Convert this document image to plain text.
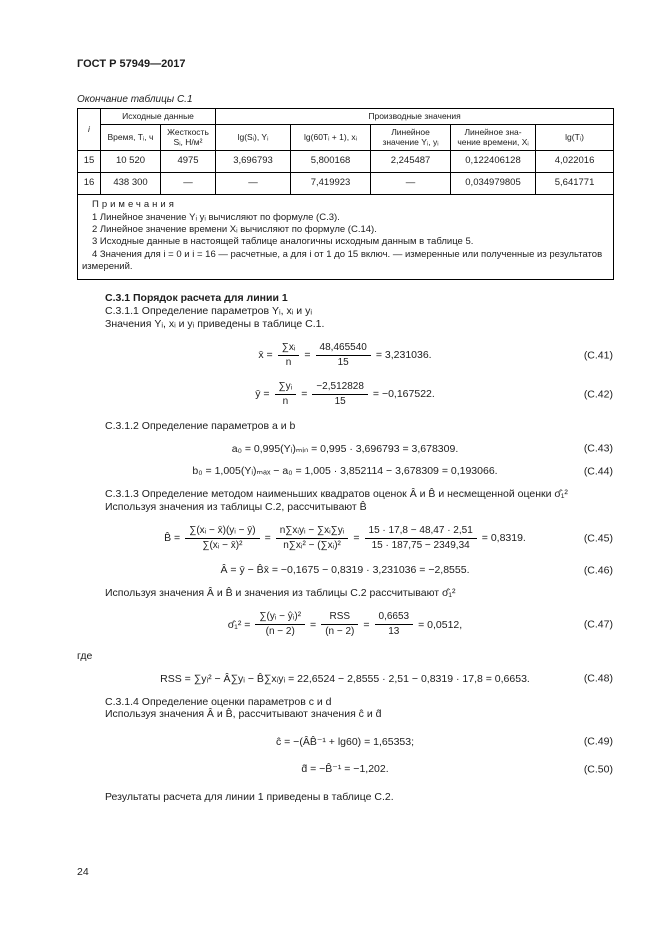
ГОСТ Р 57949—2017
Окончание таблицы С.1
i	Исходные данные		Производные значения				
	Время, Tᵢ, ч	Жесткость Sᵢ, Н/м²	lg(Sᵢ), Yᵢ	lg(60Tᵢ + 1), xᵢ	Линейное значение Yᵢ, yᵢ	Линейное зна-чение времени, Xᵢ	lg(Tᵢ)
15	10 520	4975	3,696793	5,800168	2,245487	0,122406128	4,022016
16	438 300	—	—	7,419923	—	0,034979805	5,641771

Примечания
1 Линейное значение Yᵢ yᵢ вычисляют по формуле (С.3).
2 Линейное значение времени Xᵢ вычисляют по формуле (С.14).
3 Исходные данные в настоящей таблице аналогичны исходным данным в таблице 5.
4 Значения для i = 0 и i = 16 — расчетные, а для i от 1 до 15 включ. — измеренные или полученные из результатов измерений.							
С.3.1 Порядок расчета для линии 1
С.3.1.1 Определение параметров Yᵢ, xᵢ и yᵢ
Значения Yᵢ, xᵢ и yᵢ приведены в таблице С.1.
x̄ = $\frac{\text{∑xᵢ}}{n} = \frac{48,465540}{15} = 3,231036$.	(С.41)
ȳ = $\frac{\text{∑yᵢ}}{n} = \frac{-2,512828}{15} = -0,167522$.	(С.42)
С.3.1.2 Определение параметров a и b
a₀ = 0,995(Yᵢ)ₘᵢₙ = 0,995 · 3,696793 = 3,678309.	(С.43)
b₀ = 1,005(Yᵢ)ₘₐₓ − a₀ = 1,005 · 3,852114 − 3,678309 = 0,193066.	(С.44)
С.3.1.3 Определение методом наименьших квадратов оценок Â и B̂ и несмещенной оценки σ̂₁²
Используя значения из таблицы С.2, рассчитывают B̂
B̂ = $\frac{\text{∑(xᵢ − x̄)(yᵢ − ȳ)}}{\text{∑(xᵢ − x̄)²}} = \frac{\text{n∑xᵢyᵢ − ∑xᵢ∑yᵢ}}{\text{n∑xᵢ² − (∑xᵢ)²}} = \frac{15 \cdot 17,8 - 48,47 \cdot 2,51}{15 \cdot 187,75 - 2349,34} = 0,8319$.	(С.45)
Â = ȳ − B̂x̄ = −0,1675 − 0,8319 · 3,231036 = −2,8555.	(С.46)
Используя значения Â и B̂ и значения из таблицы С.2 рассчитывают σ̂₁²
σ̂₁² = $\frac{\text{∑(yᵢ − ŷᵢ)²}}{(n - 2)} = \frac{\text{RSS}}{(n - 2)} = \frac{0,6653}{13} = 0,0512$,	(С.47)
где
RSS = ∑yᵢ² − Â∑yᵢ − B̂∑xᵢyᵢ = 22,6524 − 2,8555 · 2,51 − 0,8319 · 17,8 = 0,6653.	(С.48)
С.3.1.4 Определение оценки параметров c и d
Используя значения Â и B̂, рассчитывают значения ĉ и d̂
ĉ = −(ÂB̂⁻¹ + lg60) = 1,65353;	(С.49)
d̂ = −B̂⁻¹ = −1,202.	(С.50)
Результаты расчета для линии 1 приведены в таблице С.2.
24
